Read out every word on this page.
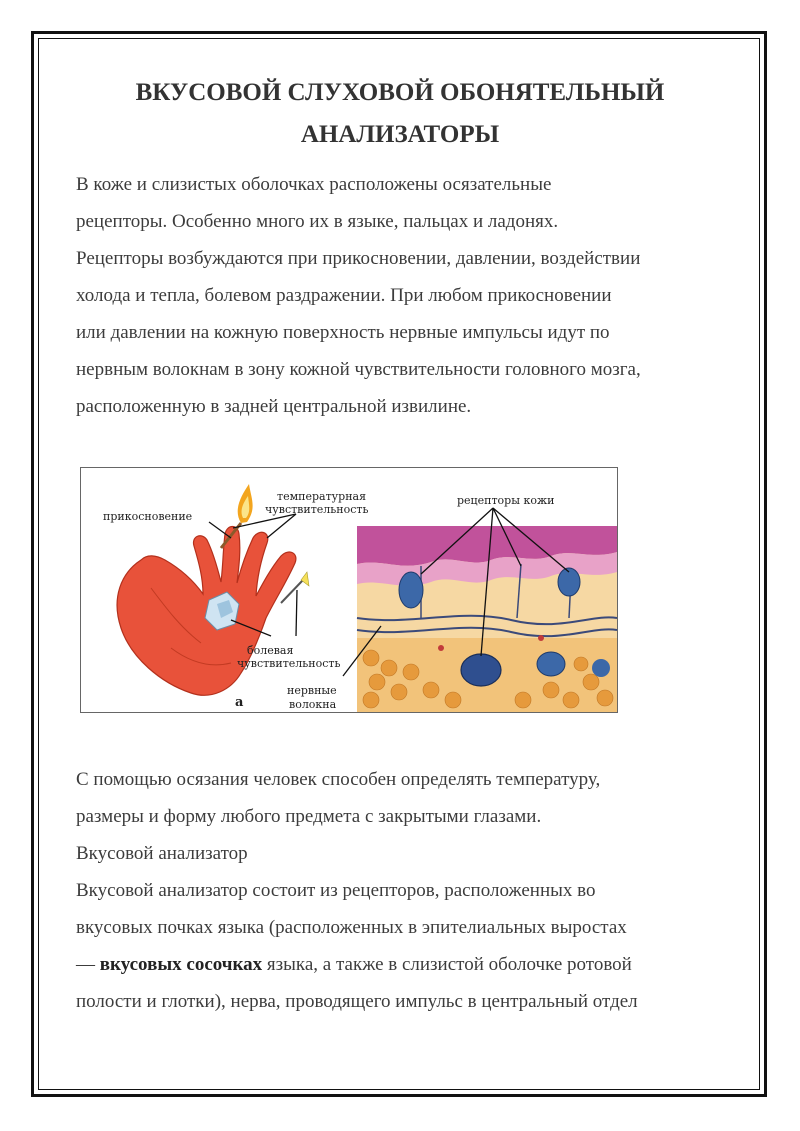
ВКУСОВОЙ СЛУХОВОЙ ОБОНЯТЕЛЬНЫЙ
АНАЛИЗАТОРЫ
В коже и слизистых оболочках расположены осязательные
рецепторы. Особенно много их в языке, пальцах и ладонях.
Рецепторы возбуждаются при прикосновении, давлении, воздействии
холода и тепла, болевом раздражении. При любом прикосновении
или давлении на кожную поверхность нервные импульсы идут по
нервным волокнам в зону кожной чувствительности головного мозга,
расположенную в задней центральной извилине.
прикосновение
температурная
чувствительность
болевая
чувствительность
рецепторы кожи
нервные
волокна
а
С помощью осязания человек способен определять температуру,
размеры и форму любого предмета с закрытыми глазами.
Вкусовой анализатор
Вкусовой анализатор состоит из рецепторов, расположенных во
вкусовых почках языка (расположенных в эпителиальных выростах
— вкусовых сосочках языка, а также в слизистой оболочке ротовой
полости и глотки), нерва, проводящего импульс в центральный отдел
